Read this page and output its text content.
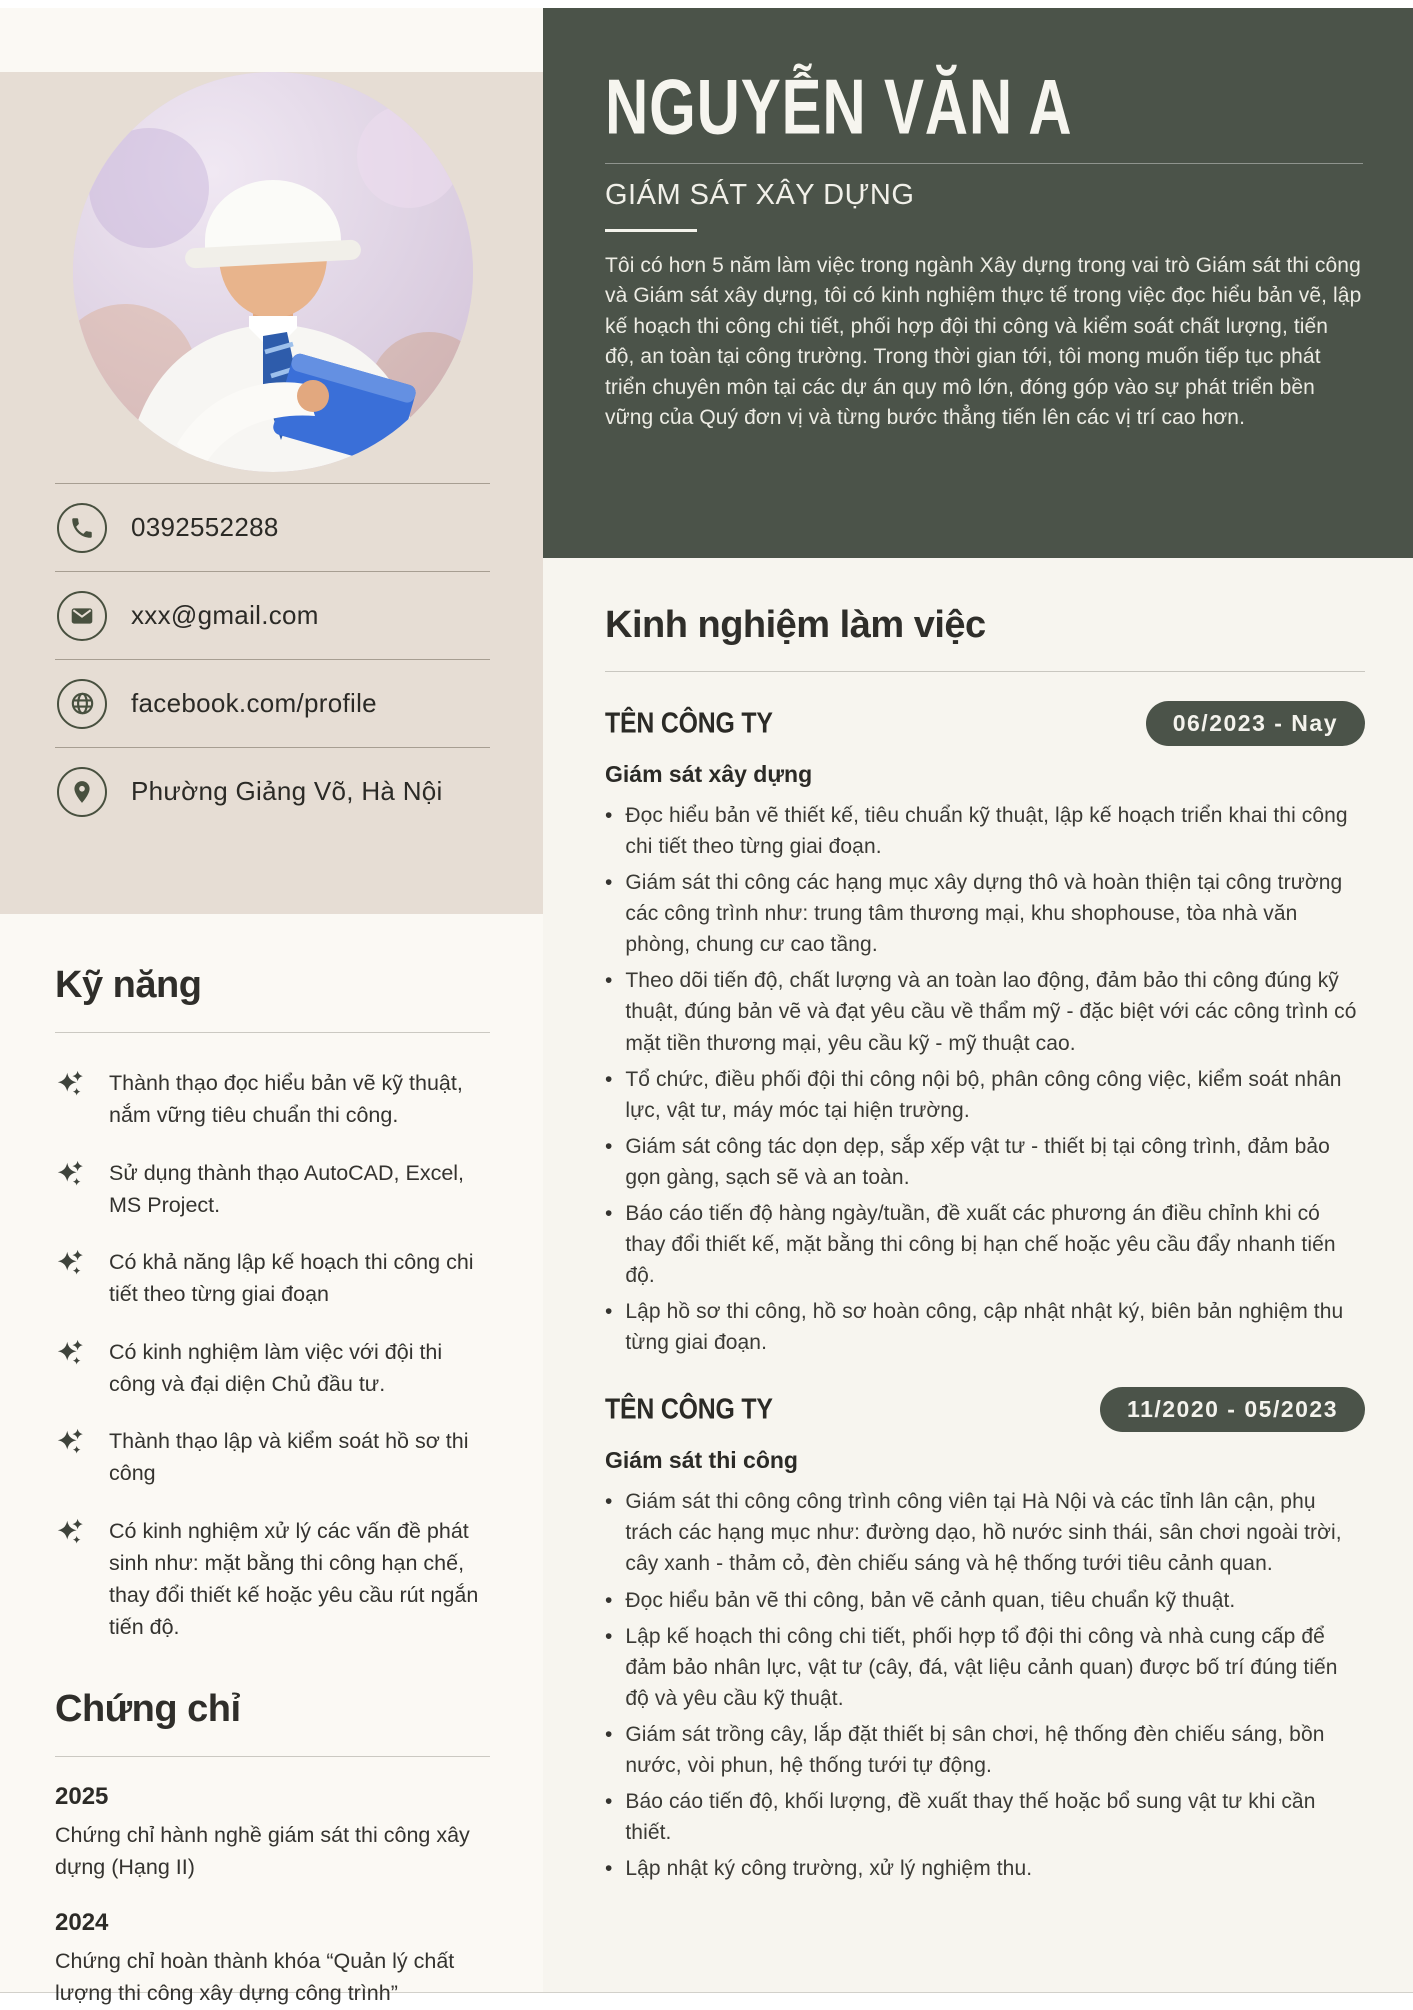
0392552288
xxx@gmail.com
facebook.com/profile
Phường Giảng Võ, Hà Nội
Kỹ năng
Thành thạo đọc hiểu bản vẽ kỹ thuật, nắm vững tiêu chuẩn thi công.
Sử dụng thành thạo AutoCAD, Excel, MS Project.
Có khả năng lập kế hoạch thi công chi tiết theo từng giai đoạn
Có kinh nghiệm làm việc với đội thi công và đại diện Chủ đầu tư.
Thành thạo lập và kiểm soát hồ sơ thi công
Có kinh nghiệm xử lý các vấn đề phát sinh như: mặt bằng thi công hạn chế, thay đổi thiết kế hoặc yêu cầu rút ngắn tiến độ.
Chứng chỉ
2025
Chứng chỉ hành nghề giám sát thi công xây dựng (Hạng II)
2024
Chứng chỉ hoàn thành khóa “Quản lý chất lượng thi công xây dựng công trình”
NGUYỄN VĂN A
GIÁM SÁT XÂY DỰNG

Tôi có hơn 5 năm làm việc trong ngành Xây dựng trong vai trò Giám sát thi công và Giám sát xây dựng, tôi có kinh nghiệm thực tế trong việc đọc hiểu bản vẽ, lập kế hoạch thi công chi tiết, phối hợp đội thi công và kiểm soát chất lượng, tiến độ, an toàn tại công trường. Trong thời gian tới, tôi mong muốn tiếp tục phát triển chuyên môn tại các dự án quy mô lớn, đóng góp vào sự phát triển bền vững của Quý đơn vị và từng bước thẳng tiến lên các vị trí cao hơn.

Kinh nghiệm làm việc
TÊN CÔNG TY	06/2023 - Nay
Giám sát xây dựng
• Đọc hiểu bản vẽ thiết kế, tiêu chuẩn kỹ thuật, lập kế hoạch triển khai thi công chi tiết theo từng giai đoạn.
• Giám sát thi công các hạng mục xây dựng thô và hoàn thiện tại công trường các công trình như: trung tâm thương mại, khu shophouse, tòa nhà văn phòng, chung cư cao tầng.
• Theo dõi tiến độ, chất lượng và an toàn lao động, đảm bảo thi công đúng kỹ thuật, đúng bản vẽ và đạt yêu cầu về thẩm mỹ - đặc biệt với các công trình có mặt tiền thương mại, yêu cầu kỹ - mỹ thuật cao.
• Tổ chức, điều phối đội thi công nội bộ, phân công công việc, kiểm soát nhân lực, vật tư, máy móc tại hiện trường.
• Giám sát công tác dọn dẹp, sắp xếp vật tư - thiết bị tại công trình, đảm bảo gọn gàng, sạch sẽ và an toàn.
• Báo cáo tiến độ hàng ngày/tuần, đề xuất các phương án điều chỉnh khi có thay đổi thiết kế, mặt bằng thi công bị hạn chế hoặc yêu cầu đẩy nhanh tiến độ.
• Lập hồ sơ thi công, hồ sơ hoàn công, cập nhật nhật ký, biên bản nghiệm thu từng giai đoạn.
TÊN CÔNG TY	11/2020 - 05/2023
Giám sát thi công
• Giám sát thi công công trình công viên tại Hà Nội và các tỉnh lân cận, phụ trách các hạng mục như: đường dạo, hồ nước sinh thái, sân chơi ngoài trời, cây xanh - thảm cỏ, đèn chiếu sáng và hệ thống tưới tiêu cảnh quan.
• Đọc hiểu bản vẽ thi công, bản vẽ cảnh quan, tiêu chuẩn kỹ thuật.
• Lập kế hoạch thi công chi tiết, phối hợp tổ đội thi công và nhà cung cấp để đảm bảo nhân lực, vật tư (cây, đá, vật liệu cảnh quan) được bố trí đúng tiến độ và yêu cầu kỹ thuật.
• Giám sát trồng cây, lắp đặt thiết bị sân chơi, hệ thống đèn chiếu sáng, bồn nước, vòi phun, hệ thống tưới tự động.
• Báo cáo tiến độ, khối lượng, đề xuất thay thế hoặc bổ sung vật tư khi cần thiết.
• Lập nhật ký công trường, xử lý nghiệm thu.
